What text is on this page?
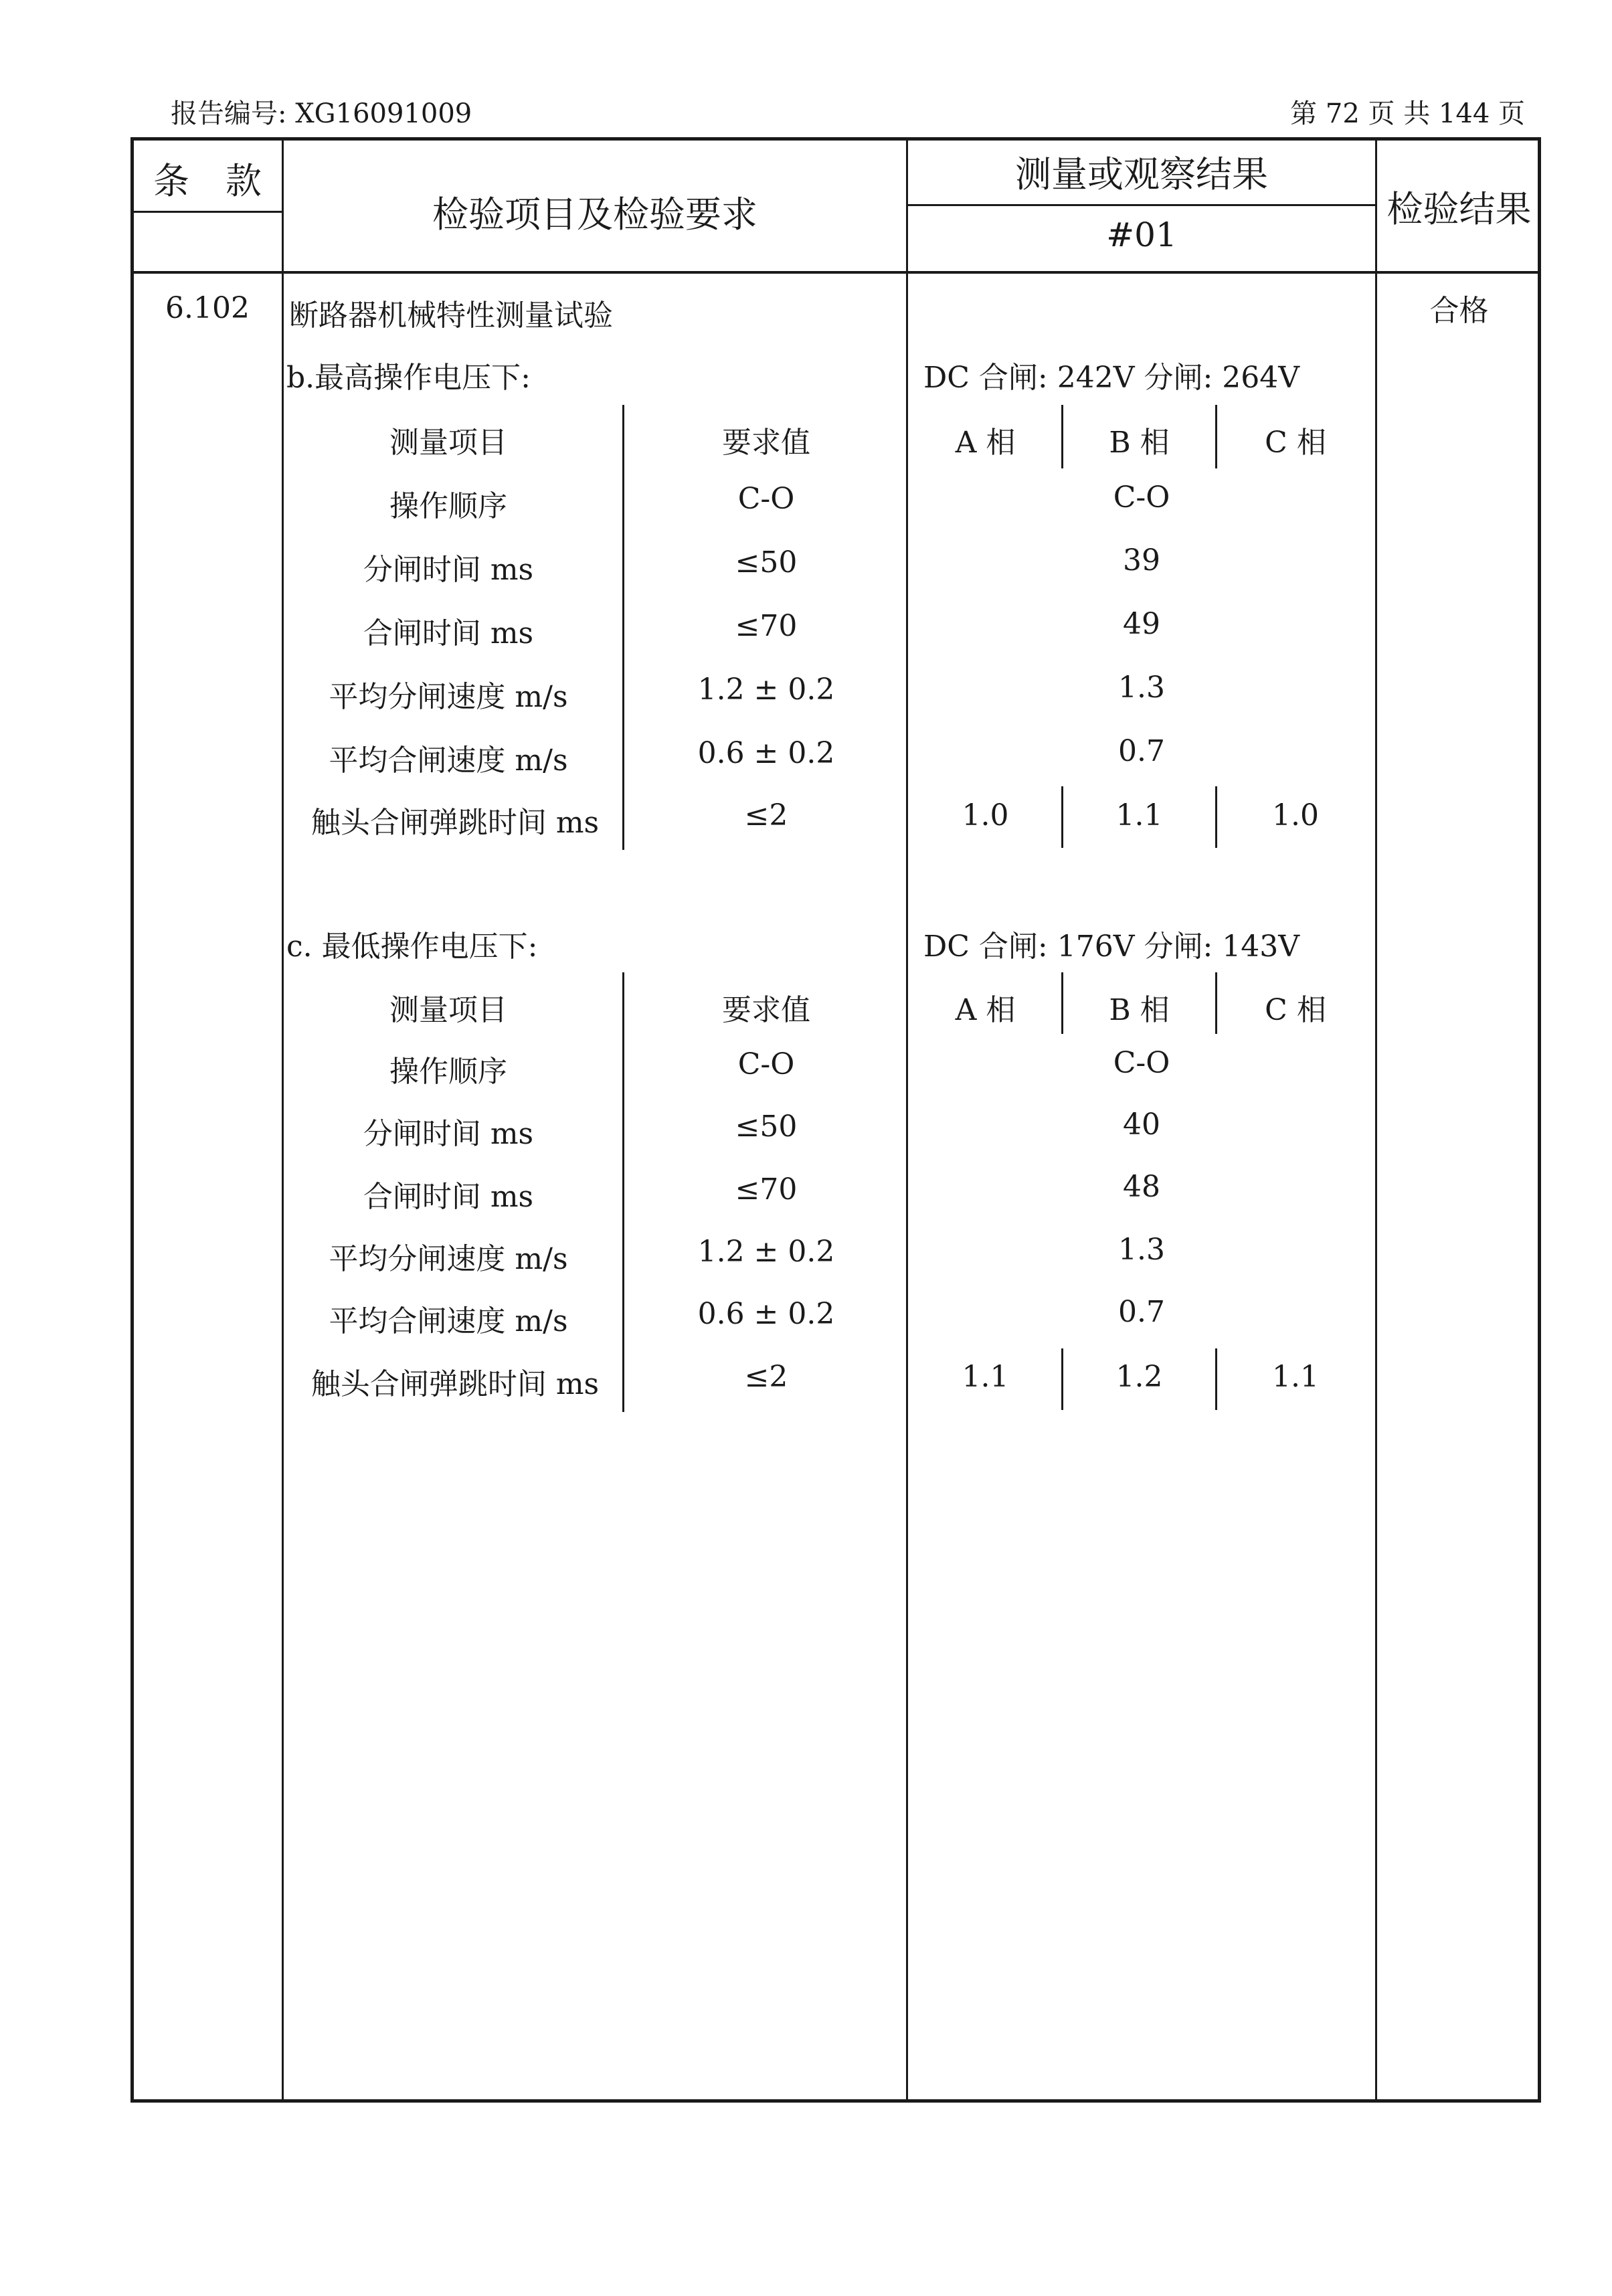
报告编号: XG16091009	第 72 页 共 144 页
条　款
检验项目及检验要求
测量或观察结果
#01
检验结果
6.102	断路器机械特性测量试验	合格
b.最高操作电压下:	DC 合闸: 242V 分闸: 264V
测量项目	要求值	A 相	B 相	C 相
操作顺序	C-O	C-O
分闸时间 ms	≤50	39
合闸时间 ms	≤70	49
平均分闸速度 m/s	1.2 ± 0.2	1.3
平均合闸速度 m/s	0.6 ± 0.2	0.7
触头合闸弹跳时间 ms	≤2	1.0	1.1	1.0
c. 最低操作电压下:	DC 合闸: 176V 分闸: 143V
测量项目	要求值	A 相	B 相	C 相
操作顺序	C-O	C-O
分闸时间 ms	≤50	40
合闸时间 ms	≤70	48
平均分闸速度 m/s	1.2 ± 0.2	1.3
平均合闸速度 m/s	0.6 ± 0.2	0.7
触头合闸弹跳时间 ms	≤2	1.1	1.2	1.1
